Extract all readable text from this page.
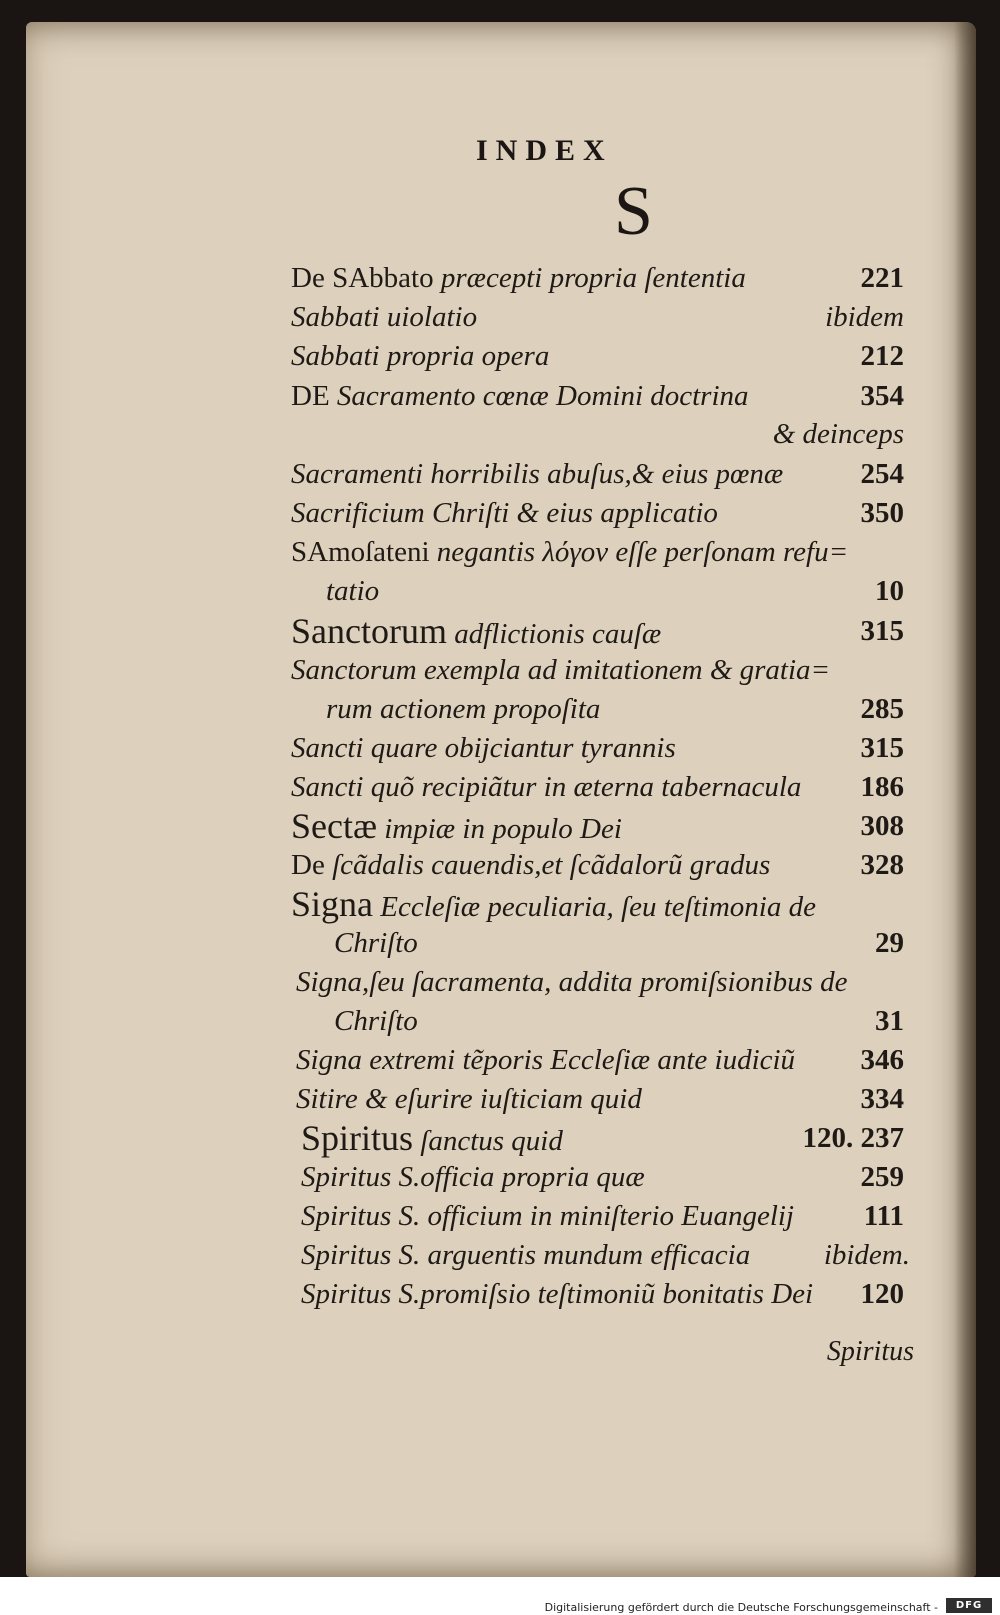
INDEX
S
De SAbbato præcepti propria ſententia	221
Sabbati uiolatio	ibidem
Sabbati propria opera	212
DE Sacramento cœnæ Domini doctrina	354
& deinceps
Sacramenti horribilis abuſus,& eius pœnæ	254
Sacrificium Chriſti & eius applicatio	350
SAmoſateni negantis λόγον eſſe perſonam refu=
tatio	10
Sanctorum adflictionis cauſæ	315
Sanctorum exempla ad imitationem & gratia=
rum actionem propoſita	285
Sancti quare obijciantur tyrannis	315
Sancti quõ recipiãtur in æterna tabernacula 186
Sectæ impiæ in populo Dei	308
De ſcãdalis cauendis,et ſcãdalorũ gradus	328
Signa Eccleſiæ peculiaria, ſeu teſtimonia de
Chriſto	29
Signa,ſeu ſacramenta, addita promiſsionibus de
Chriſto	31
Signa extremi tẽporis Eccleſiæ ante iudiciũ 346
Sitire & eſurire iuſticiam quid	334
Spiritus ſanctus quid	120. 237
Spiritus S.officia propria quæ	259
Spiritus S. officium in miniſterio Euangelij 111
Spiritus S. arguentis mundum efficacia	ibidem.
Spiritus S.promiſsio teſtimoniũ bonitatis Dei 120
Spiritus
Digitalisierung gefördert durch die Deutsche Forschungsgemeinschaft -	DFG
